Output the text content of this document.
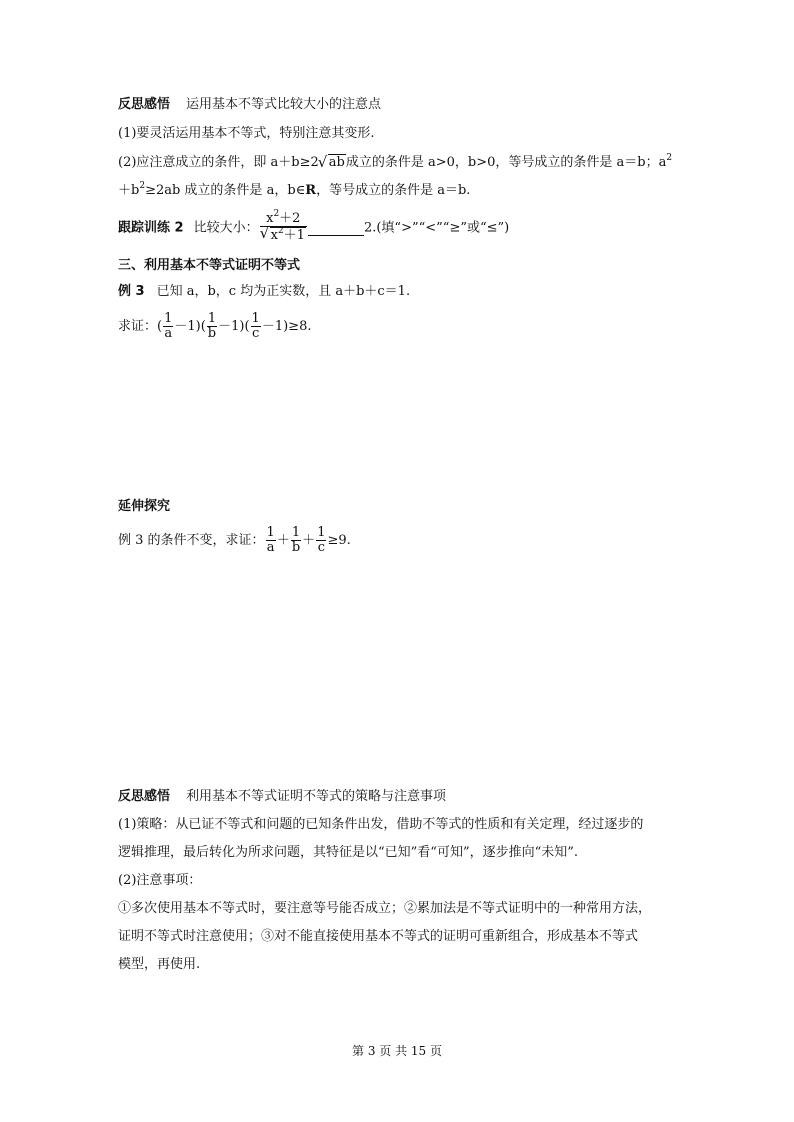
反思感悟 运用基本不等式比较大小的注意点
(1)要灵活运用基本不等式，特别注意其变形.
(2)应注意成立的条件，即 a＋b≥2√ ab成立的条件是 a>0，b>0，等号成立的条件是 a＝b；$a^2$
$+b^2\ge 2ab$ 成立的条件是 a，b∈R，等号成立的条件是 a＝b.
跟踪训练 2 比较大小： $x^2+2$
√ $x^2+1$	2.(填“>”“<”“≥”或“≤”)
三、利用基本不等式证明不等式
例 3 已知 a，b，c 均为正实数，且 a＋b＋c＝1.
求证：( $\frac{1}{a} -1)( \frac{1}{b} -1)( \frac{1}{c} -1)\ge 8$.
延伸探究
例 3 的条件不变，求证： $\frac{1}{a} + \frac{1}{b} + \frac{1}{c} \ge 9$.
反思感悟 利用基本不等式证明不等式的策略与注意事项
(1)策略：从已证不等式和问题的已知条件出发，借助不等式的性质和有关定理，经过逐步的
逻辑推理，最后转化为所求问题，其特征是以“已知”看“可知”，逐步推向“未知”.
(2)注意事项：
①多次使用基本不等式时，要注意等号能否成立；②累加法是不等式证明中的一种常用方法，
证明不等式时注意使用；③对不能直接使用基本不等式的证明可重新组合，形成基本不等式
模型，再使用.
第 3 页 共 15 页
